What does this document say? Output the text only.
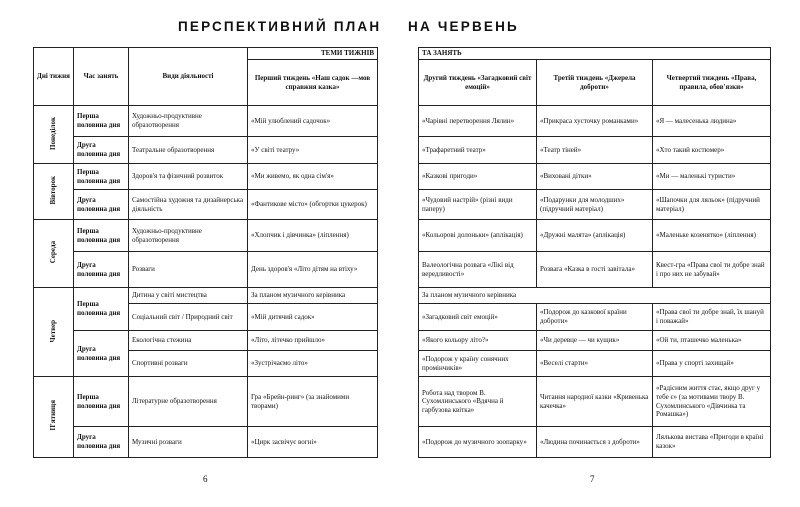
ПЕРСПЕКТИВНИЙ ПЛАН НА ЧЕРВЕНЬ
Дні тижня	Час занять	Види діяльності	ТЕМИ ТИЖНІВ
			Перший тиждень «Наш садок —мов справжня казка»
Понеділок	Перша половина дня	Художньо-продуктивне образотворення	«Мій улюблений садочок»
	Друга половина дня	Театральне образотворення	«У світі театру»
Вівторок	Перша половина дня	Здоров'я та фізичний розвиток	«Ми живемо, як одна сім'я»
	Друга половина дня	Самостійна художня та дизайнерська діяльність	«Фантикове місто» (обгортки цукерок)
Середа	Перша половина дня	Художньо-продуктивне образотворення	«Хлопчик і дівчинка» (ліплення)
	Друга половина дня	Розваги	День здоров'я «Літо дітям на втіху»
Четвер	Перша половина дня	Дитина у світі мистецтва	За планом музичного керівника
		Соціальний світ / Природний світ	«Мій дитячий садок»
	Друга половина дня	Екологічна стежина	«Літо, літечко прийшло»
		Спортивні розваги	«Зустрічаємо літо»
П'ятниця	Перша половина дня	Літературне образотворення	Гра «Брейн-ринг» (за знайомими творами)
	Друга половина дня	Музичні розваги	«Цирк засвічує вогні»
ТА ЗАНЯТЬ		
Другий тиждень «Загадковий світ емоцій»	Третій тиждень «Джерела доброти»	Четвертий тиждень «Права, правила, обов'язки»
«Чарівні перетворення Лялин»	«Прикраса хусточку романками»	«Я — малесенька людина»
«Трафаретний театр»	«Театр тіней»	«Хто такий костюмер»
«Казкові пригоди»	«Виховані дітки»	«Ми — маленькі туристи»
«Чудовий настрій» (різні види паперу)	«Подарунки для молодших» (підручний матеріал)	«Шапочки для ляльок» (підручний матеріал)
«Кольорові долоньки» (аплікація)	«Дружні малята» (аплікація)	«Маленьке козенятко» (ліплення)
Валеологічна розвага «Лікі від вередливості»	Розвага «Казка в гості завітала»	Квест-гра «Права свої ти добре знай і про них не забувай»
За планом музичного керівника		
«Загадковий світ емоцій»	«Подорож до казкової країни доброти»	«Права свої ти добре знай, їх шануй і поважай»
«Якого кольору літо?»	«Чи деревце — чи кущик»	«Ой ти, пташечко маленька»
«Подорож у країну сонячних промінчиків»	«Веселі старти»	«Права у спорті захищай»
Робота над твором В. Сухомлинського «Вдячна й гарбузова квітка»	Читання народної казки «Кривенька качечка»	«Радісним життя стає, якщо друг у тебе є» (за мотивами твору В. Сухомлинського «Дівчинка та Ромашка»)
«Подорож до музичного зоопарку»	«Людина починається з доброти»	Лялькова вистава «Пригоди в країні казок»
6	7
